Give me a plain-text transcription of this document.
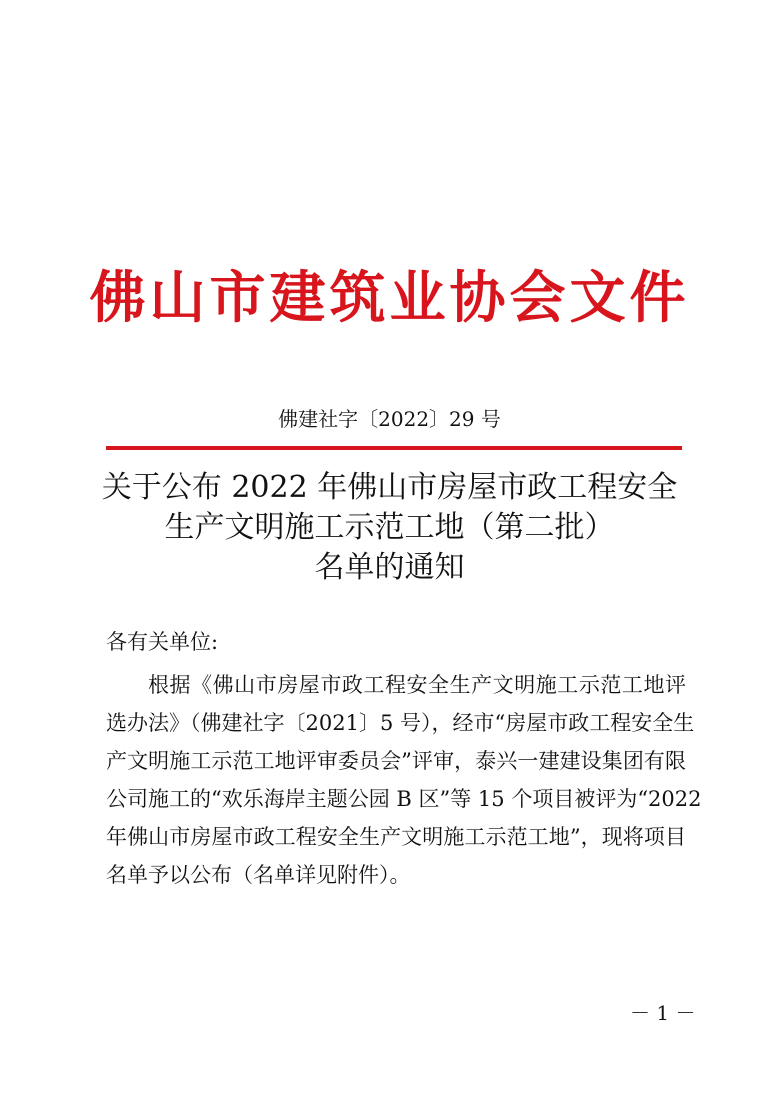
佛山市建筑业协会文件
佛建社字〔2022〕29 号
关于公布 2022 年佛山市房屋市政工程安全
生产文明施工示范工地（第二批）
名单的通知
各有关单位:
根据《佛山市房屋市政工程安全生产文明施工示范工地评
选办法》（佛建社字〔2021〕5 号），经市“房屋市政工程安全生
产文明施工示范工地评审委员会”评审，泰兴一建建设集团有限
公司施工的“欢乐海岸主题公园 B 区”等 15 个项目被评为“2022
年佛山市房屋市政工程安全生产文明施工示范工地”，现将项目
名单予以公布（名单详见附件）。
－ 1 －
